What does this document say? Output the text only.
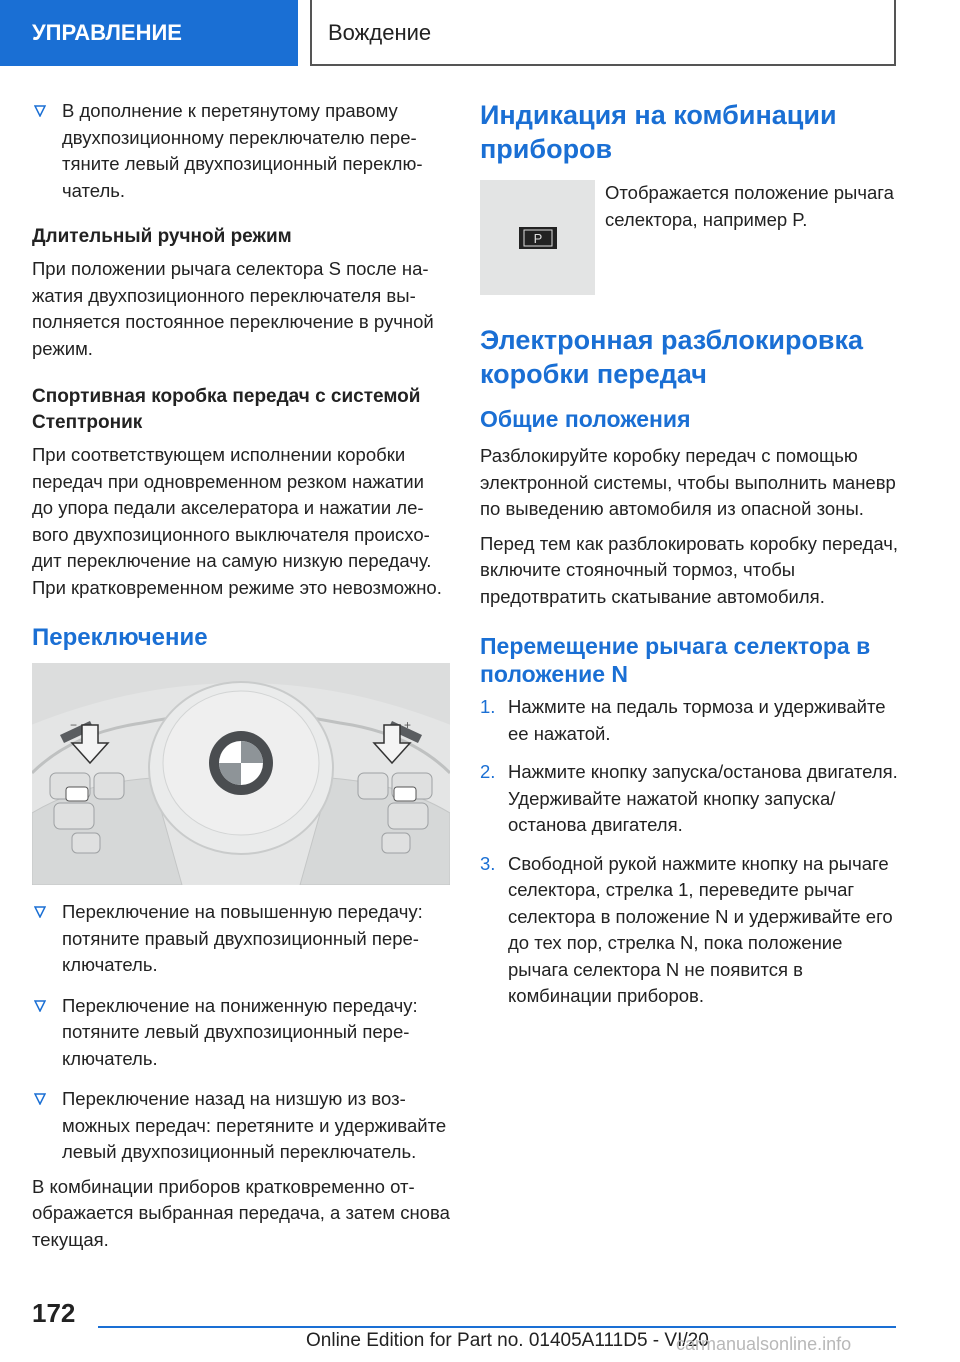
УПРАВЛЕНИЕ	Вождение
В дополнение к перетянутому правому двухпозиционному переключателю перетяните левый двухпозиционный переключатель.
Длительный ручной режим

При положении рычага селектора S после нажатия двухпозиционного переключателя выполняется постоянное переключение в ручной режим.

Спортивная коробка передач с системой Стептроник

При соответствующем исполнении коробки передач при одновременном резком нажатии до упора педали акселератора и нажатии левого двухпозиционного выключателя происходит переключение на самую низкую передачу. При кратковременном режиме это невозможно.

Переключение
−	+
Переключение на повышенную передачу: потяните правый двухпозиционный переключатель.
Переключение на пониженную передачу: потяните левый двухпозиционный переключатель.
Переключение назад на низшую из возможных передач: перетяните и удерживайте левый двухпозиционный переключатель.

В комбинации приборов кратковременно отображается выбранная передача, а затем снова текущая.

Индикация на комбинации приборов
P

Отображается положение рычага селектора, например P.

Электронная разблокировка коробки передач
Общие положения

Разблокируйте коробку передач с помощью электронной системы, чтобы выполнить маневр по выведению автомобиля из опасной зоны.

Перед тем как разблокировать коробку передач, включите стояночный тормоз, чтобы предотвратить скатывание автомобиля.

Перемещение рычага селектора в положение N
1. Нажмите на педаль тормоза и удерживайте ее нажатой.
2. Нажмите кнопку запуска/останова двигателя. Удерживайте нажатой кнопку запуска/останова двигателя.
3. Свободной рукой нажмите кнопку на рычаге селектора, стрелка 1, переведите рычаг селектора в положение N и удерживайте его до тех пор, стрелка N, пока положение рычага селектора N не появится в комбинации приборов.
172
Online Edition for Part no. 01405A111D5 - VI/20
carmanualsonline.info
